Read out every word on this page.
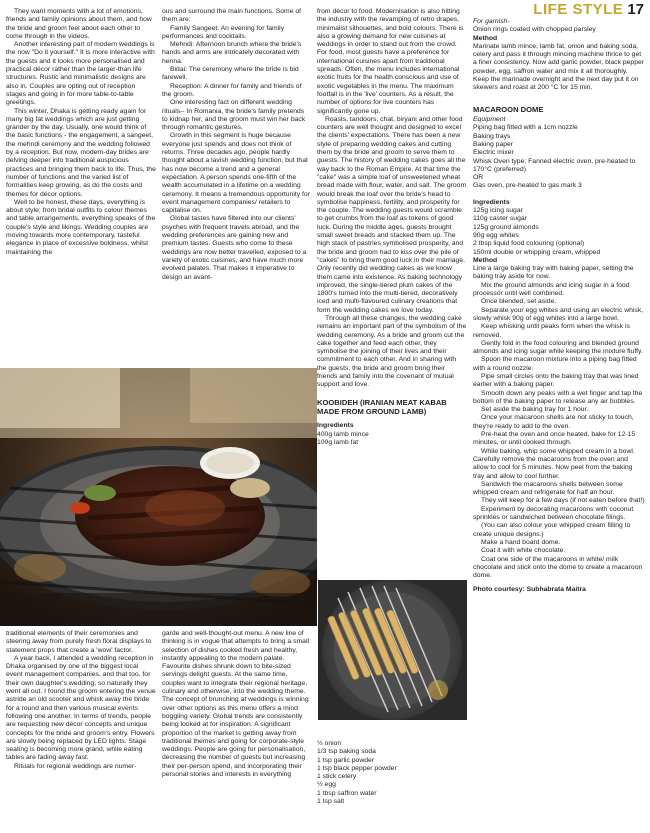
LIFE STYLE 17

They want moments with a lot of emotions, friends and family opinions about them, and how the bride and groom feel about each other to come through in the videos.

Another interesting part of modern weddings is the now "Do it yourself." It is more interactive with the guests and it looks more personalised and practical décor rather than the larger-than life structures. Rustic and minimalistic designs are also in. Couples are opting out of reception stages and going in for more table-to-table greetings.

This winter, Dhaka is getting ready again for many big fat weddings which are just getting grander by the day. Usually, one would think of the basic functions - the engagement, a sangeet, the mehndi ceremony and the wedding followed by a reception. But now, modern-day brides are delving deeper into traditional auspicious practices and bringing them back to life. Thus, the number of functions and the varied list of formalities keep growing, as do the costs and themes for décor options.

Well to be honest, these days, everything is about style; from bridal outfits to colour themes and table arrangements, everything speaks of the couple's style and likings. Wedding couples are moving towards more contemporary, tasteful elegance in place of excessive boldness, whilst maintaining the

ous and surround the main functions. Some of them are:

Family Sangeet: An evening for family performances and cocktails.

Mehndi: Afternoon brunch where the bride's hands and arms are intricately decorated with henna.

Bidai: The ceremony where the bride is bid farewell.

Reception: A dinner for family and friends of the groom.

One interesting fact on different wedding rituals-- In Romania, the bride's family pretends to kidnap her, and the groom must win her back through romantic gestures.

Growth in this segment is huge because everyone just spends and does not think of returns. Three decades ago, people hardly thought about a lavish wedding function, but that has now become a trend and a general expectation. A person spends one-fifth of the wealth accumulated in a lifetime on a wedding ceremony. It means a tremendous opportunity for event management companies/ retailers to capitalise on.

Global tastes have filtered into our clients' psyches with frequent travels abroad, and the wedding preferences are gaining new and premium tastes. Guests who come to these weddings are now better travelled, exposed to a variety of exotic cuisines, and have much more evolved palates. That makes it imperative to design an avant-

traditional elements of their ceremonies and steering away from purely fresh floral displays to statement props that create a 'wow' factor.

A year back, I attended a wedding reception in Dhaka organised by one of the biggest local event management companies, and that too, for their own daughter's wedding, so naturally they went all out. I found the groom entering the venue astride an old scooter and whisk away the bride for a round and then various musical events following one another. In terms of trends, people are requesting new décor concepts and unique concepts for the bride and groom's entry. Flowers are slowly being replaced by LED lights. Stage seating is becoming more grand, while eating tables are fading away fast.

Rituals for regional weddings are numer-

garde and well-thought-out menu. A new line of thinking is in vogue that attempts to bring a small selection of dishes cooked fresh and healthy, instantly appealing to the modern palate. Favourite dishes shrunk down to bite-sized servings delight guests. At the same time, couples want to integrate their regional heritage, culinary and otherwise, into the wedding theme. The concept of brunching at weddings is winning over other options as this menu offers a mind boggling variety. Global trends are consistently being looked at for inspiration. A significant proportion of the market is getting away from traditional themes and going for corporate-style weddings. People are going for personalisation, decreasing the number of guests but increasing their per-person spend, and incorporating their personal stories and interests in everything

from décor to food. Modernisation is also hitting the industry with the revamping of retro drapes, minimalist silhouettes, and bold colours. There is also a growing demand for new cuisines at weddings in order to stand out from the crowd. For food, most guests have a preference for international cuisines apart from traditional spreads. Often, the menu includes international exotic fruits for the health conscious and use of exotic vegetables in the menu. The maximum footfall is in the 'live' counters. As a result, the number of options for live counters has significantly gone up.

Roasts, tandoors, chat, biryani and other food counters are well thought and designed to excel the clients' expectations. There has been a new style of preparing wedding cakes and cutting them by the bride and groom to serve them to guests. The history of wedding cakes goes all the way back to the Roman Empire. At that time the "cake" was a simple loaf of unsweetened wheat bread made with flour, water, and salt. The groom would break the loaf over the bride's head to symbolise happiness, fertility, and prosperity for the couple. The wedding guests would scramble to get crumbs from the loaf as tokens of good luck. During the middle ages, guests brought small sweet breads and stacked them up. The high stack of pastries symbolised prosperity, and the bride and groom had to kiss over the pile of "cakes" to bring them good luck in their marriage. Only recently did wedding cakes as we know them came into existence. As baking technology improved, the single-tiered plum cakes of the 1800's turned into the multi-tiered, decoratively iced and multi-flavoured culinary creations that form the wedding cakes we love today.

Through all these changes, the wedding cake remains an important part of the symbolism of the wedding ceremony. As a bride and groom cut the cake together and feed each other, they symbolise the joining of their lives and their commitment to each other. And in sharing with the guests, the bride and groom bring their friends and family into the covenant of mutual support and love.

KOOBIDEH (IRANIAN MEAT KABAB MADE FROM GROUND LAMB)
Ingredients

400g lamb mince

100g lamb fat

½ onion

1/3 tsp baking soda

1 tsp garlic powder

1 tsp black pepper powder

1 stick celery

½ egg

1 tbsp saffron water

1 tsp salt

For garnish-
Onion rings coated with chopped parsley
Method

Marinate lamb mince, lamb fat, onion and baking soda, celery and pass it through mincing machine thrice to get a finer consistency. Now add garlic powder, black pepper powder, egg, saffron water and mix it all thoroughly. Keep the marinade overnight and the next day put it on skewers and roast at 200 °C for 15 min.

MACAROON DOME
Equipment

Piping bag fitted with a 1cm nozzle

Baking trays

Baking paper

Electric mixer

Whisk Oven type: Fanned electric oven, pre-heated to 170°C (preferred)

OR

Gas oven, pre-heated to gas mark 3

Ingredients

125g icing sugar

110g caster sugar

125g ground almonds

90g egg whites

2 tbsp liquid food colouring (optional)

150ml double or whipping cream, whipped

Method

Line a large baking tray with baking paper, setting the baking tray aside for now.

Mix the ground almonds and icing sugar in a food processor until well combined.

Once blended, set aside.

Separate your egg whites and using an electric whisk, slowly whisk 90g of egg whites into a large bowl.

Keep whisking until peaks form when the whisk is removed.

Gently fold in the food colouring and blended ground almonds and icing sugar while keeping the mixture fluffy.

Spoon the macaroon mixture into a piping bag fitted with a round nozzle.

Pipe small circles onto the baking tray that was lined earlier with a baking paper.

Smooth down any peaks with a wet finger and tap the bottom of the baking paper to release any air bubbles.

Set aside the baking tray for 1 hour.

Once your macaroon shells are not sticky to touch, they're ready to add to the oven.

Pre-heat the oven and once heated, bake for 12-15 minutes, or until cooked through.

While baking, whip some whipped cream in a bowl. Carefully remove the macaroons from the oven and allow to cool for 5 minutes. Now peel from the baking tray and allow to cool further.

Sandwich the macaroons shells between some whipped cream and refrigerate for half an hour.

They will keep for a few days (if not eaten before that!)

Experiment by decorating macaroons with coconut sprinkles or sandwiched between chocolate filings.

(You can also colour your whipped cream filling to create unique designs.)

Make a hand board dome.

Coat it with white chocolate.

Coat one side of the macaroons in white/ milk chocolate and stick onto the dome to create a macaroon dome.

Photo courtesy: Subhabrata Maitra
